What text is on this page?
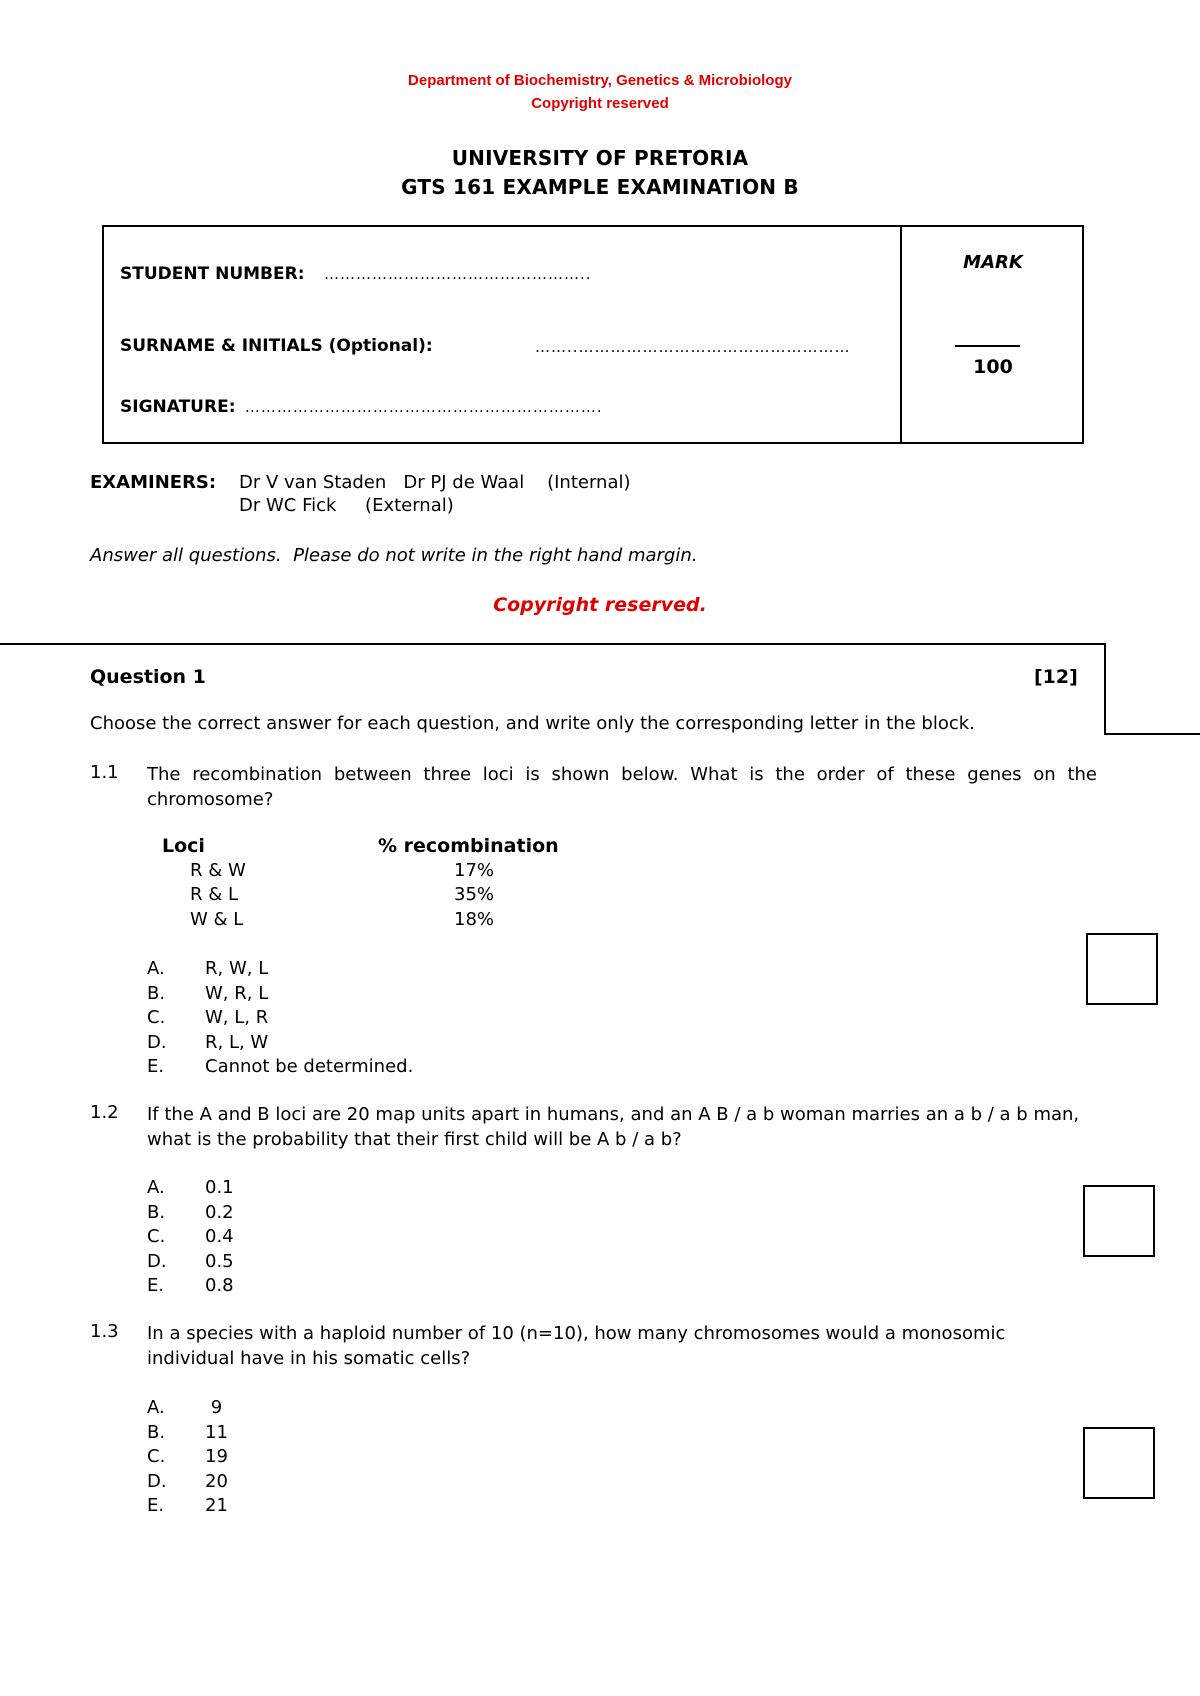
Department of Biochemistry, Genetics & Microbiology
Copyright reserved
UNIVERSITY OF PRETORIA
GTS 161 EXAMPLE EXAMINATION B
STUDENT NUMBER: …………………………………………..
SURNAME & INITIALS (Optional):	……..……………………………………………
SIGNATURE: ………………………………………………………….
MARK
100
EXAMINERS: Dr V van Staden   Dr PJ de Waal    (Internal)
Dr WC Fick     (External)
Answer all questions.  Please do not write in the right hand margin.
Copyright reserved.
Question 1	[12]
Choose the correct answer for each question, and write only the corresponding letter in the block.
1.1 The recombination between three loci is shown below. What is the order of these genes on the chromosome?
Loci	% recombination
R & W	17%
R & L	35%
W & L	18%
A. R, W, L
B. W, R, L
C. W, L, R
D. R, L, W
E. Cannot be determined.
1.2 If the A and B loci are 20 map units apart in humans, and an A B / a b woman marries an a b / a b man, what is the probability that their first child will be A b / a b?
A. 0.1
B. 0.2
C. 0.4
D. 0.5
E. 0.8
1.3 In a species with a haploid number of 10 (n=10), how many chromosomes would a monosomic individual have in his somatic cells?
A. 9
B. 11
C. 19
D. 20
E. 21
